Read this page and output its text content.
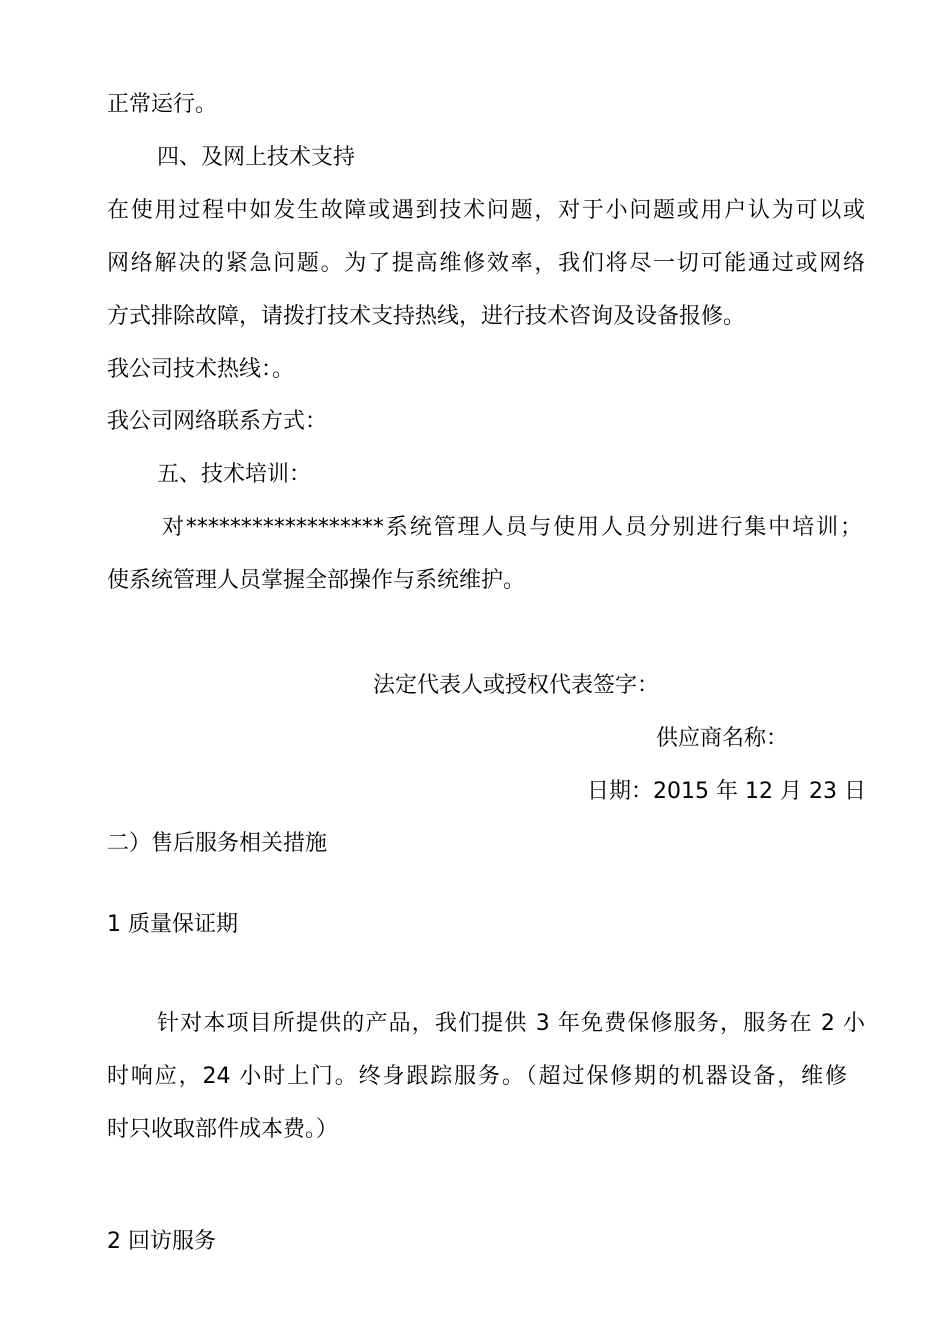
正常运行。
四、及网上技术支持
在使用过程中如发生故障或遇到技术问题，对于小问题或用户认为可以或
网络解决的紧急问题。为了提高维修效率，我们将尽一切可能通过或网络
方式排除故障，请拨打技术支持热线，进行技术咨询及设备报修。
我公司技术热线：。
我公司网络联系方式：
五、技术培训：
对******************系统管理人员与使用人员分别进行集中培训；
使系统管理人员掌握全部操作与系统维护。
法定代表人或授权代表签字：
供应商名称：
日期：2015 年 12 月 23 日
二）售后服务相关措施
1 质量保证期
针对本项目所提供的产品，我们提供 3 年免费保修服务，服务在 2 小
时响应，24 小时上门。终身跟踪服务。（超过保修期的机器设备，维修
时只收取部件成本费。）
2 回访服务
